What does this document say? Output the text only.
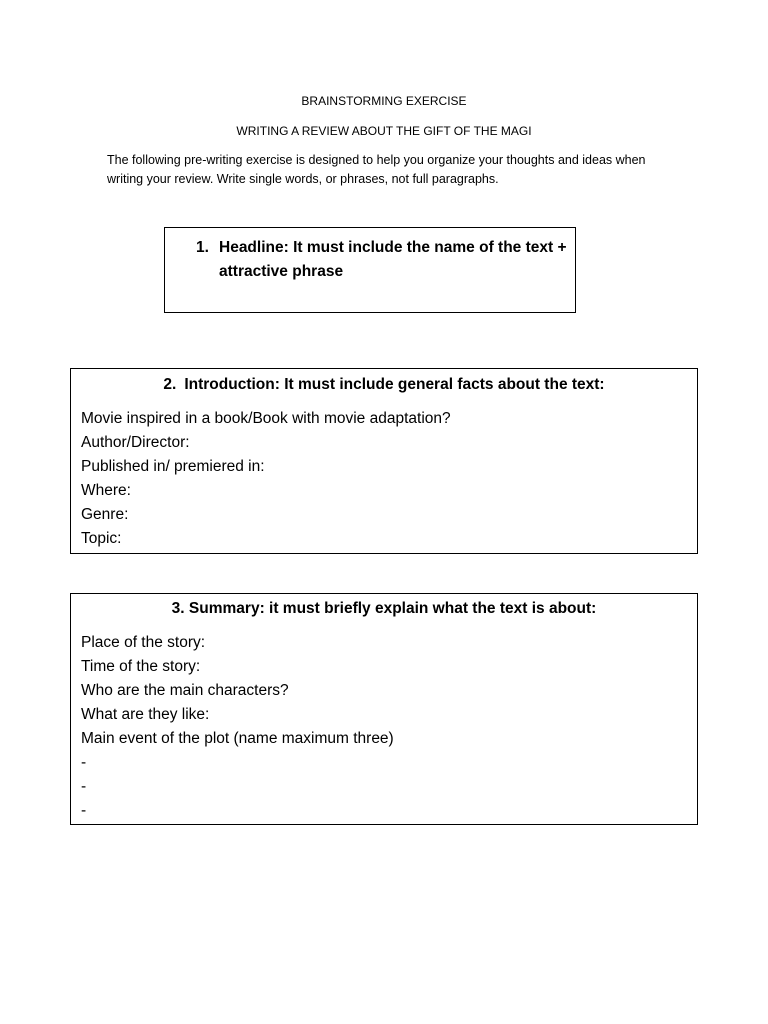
BRAINSTORMING EXERCISE
WRITING A REVIEW ABOUT THE GIFT OF THE MAGI
The following pre-writing exercise is designed to help you organize your thoughts and ideas when writing your review. Write single words, or phrases, not full paragraphs.
1. Headline: It must include the name of the text + attractive phrase
2. Introduction: It must include general facts about the text:
Movie inspired in a book/Book with movie adaptation?
Author/Director:
Published in/ premiered in:
Where:
Genre:
Topic:
3. Summary: it must briefly explain what the text is about:
Place of the story:
Time of the story:
Who are the main characters?
What are they like:
Main event of the plot (name maximum three)
-
-
-
